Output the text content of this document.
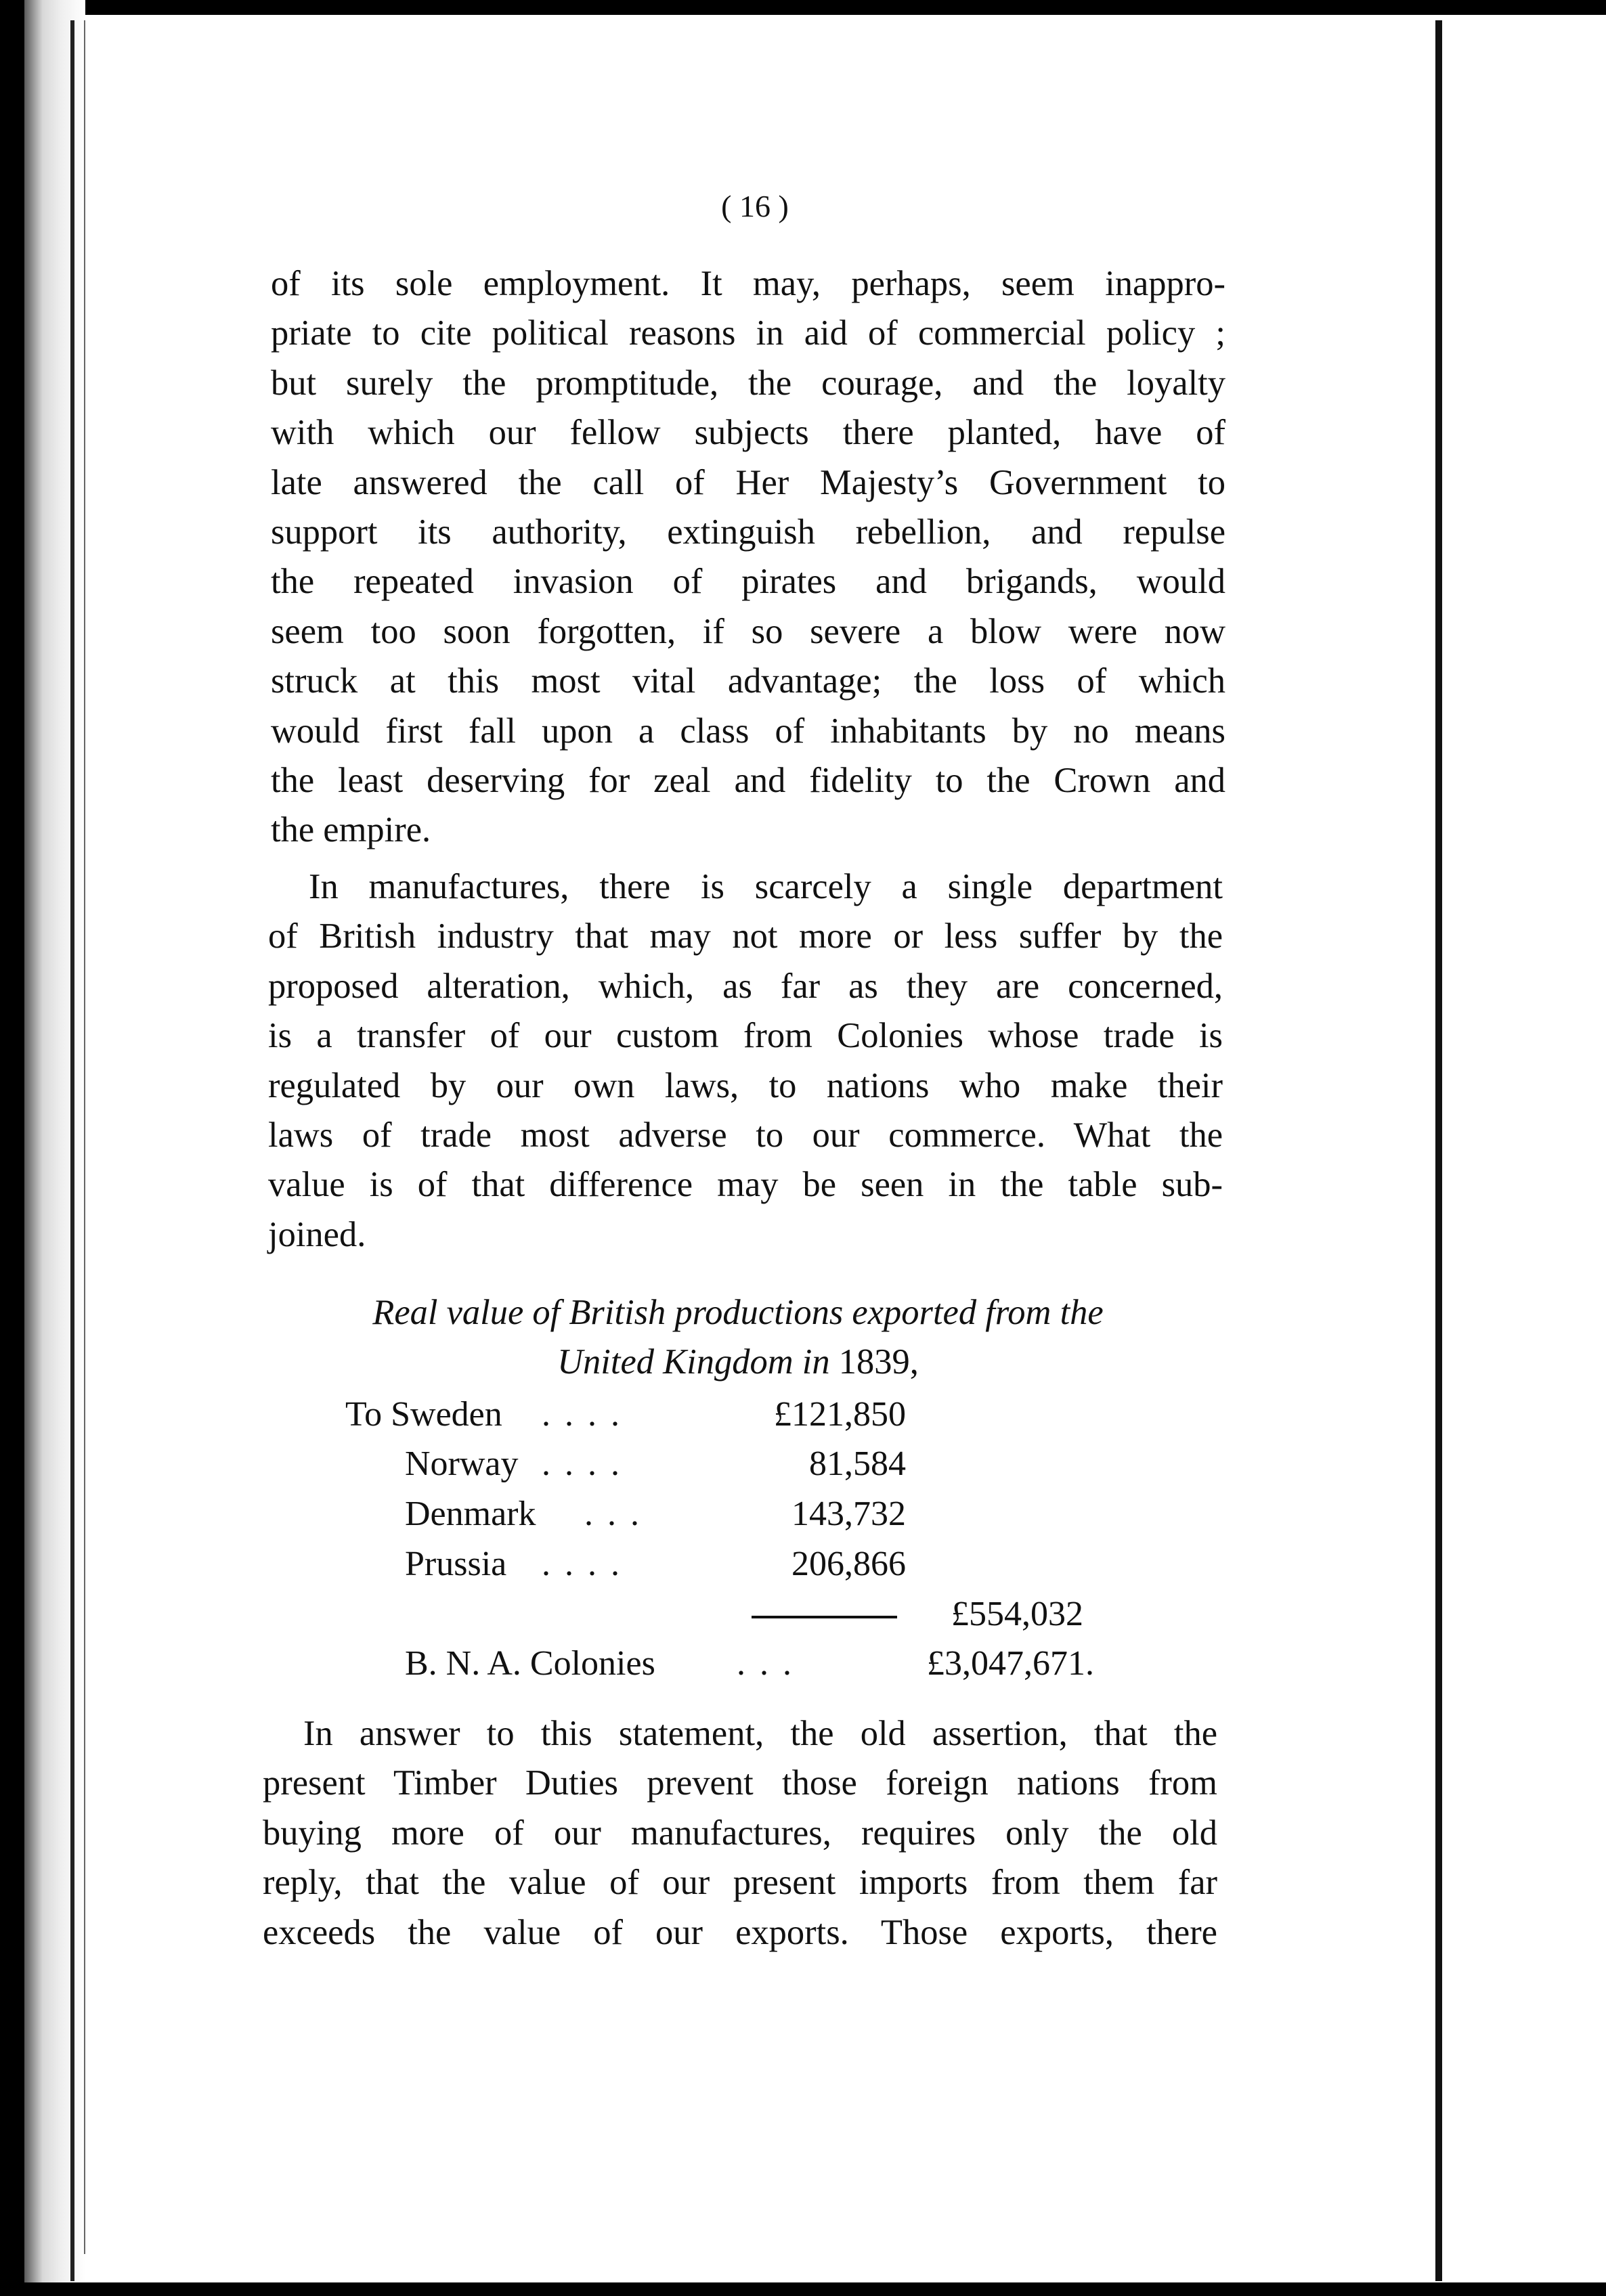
( 16 )
of its sole employment. It may, perhaps, seem inappro-
priate to cite political reasons in aid of commercial policy ;
but surely the promptitude, the courage, and the loyalty
with which our fellow subjects there planted, have of
late answered the call of Her Majesty’s Government to
support its authority, extinguish rebellion, and repulse
the repeated invasion of pirates and brigands, would
seem too soon forgotten, if so severe a blow were now
struck at this most vital advantage; the loss of which
would first fall upon a class of inhabitants by no means
the least deserving for zeal and fidelity to the Crown and
the empire.
In manufactures, there is scarcely a single department
of British industry that may not more or less suffer by the
proposed alteration, which, as far as they are concerned,
is a transfer of our custom from Colonies whose trade is
regulated by our own laws, to nations who make their
laws of trade most adverse to our commerce. What the
value is of that difference may be seen in the table sub-
joined.
Real value of British productions exported from the
United Kingdom in 1839,
To Sweden . . . .	£121,850
Norway . . . .	81,584
Denmark . . .	143,732
Prussia . . . .	206,866
£554,032
B. N. A. Colonies . . .	£3,047,671.
In answer to this statement, the old assertion, that the
present Timber Duties prevent those foreign nations from
buying more of our manufactures, requires only the old
reply, that the value of our present imports from them far
exceeds the value of our exports. Those exports, there
